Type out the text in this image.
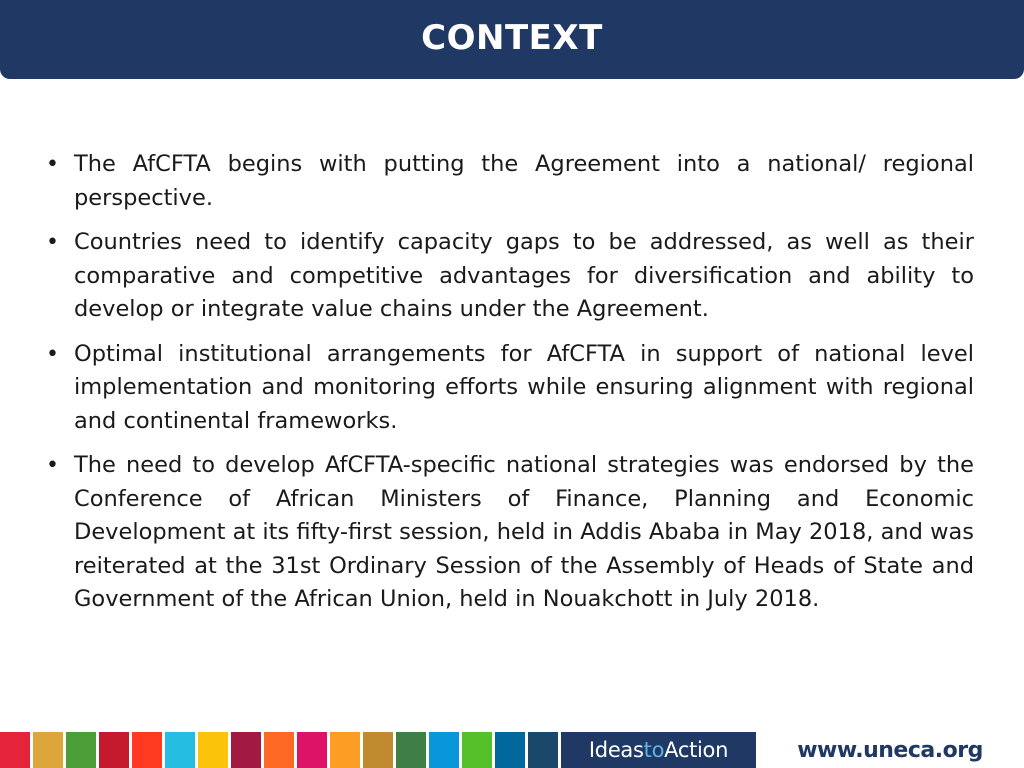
CONTEXT
• The AfCFTA begins with putting the Agreement into a national/ regional perspective.
• Countries need to identify capacity gaps to be addressed, as well as their comparative and competitive advantages for diversification and ability to develop or integrate value chains under the Agreement.
• Optimal institutional arrangements for AfCFTA in support of national level implementation and monitoring efforts while ensuring alignment with regional and continental frameworks.
• The need to develop AfCFTA-specific national strategies was endorsed by the Conference of African Ministers of Finance, Planning and Economic Development at its fifty-first session, held in Addis Ababa in May 2018, and was reiterated at the 31st Ordinary Session of the Assembly of Heads of State and Government of the African Union, held in Nouakchott in July 2018.
Ideas to Action	www.uneca.org
